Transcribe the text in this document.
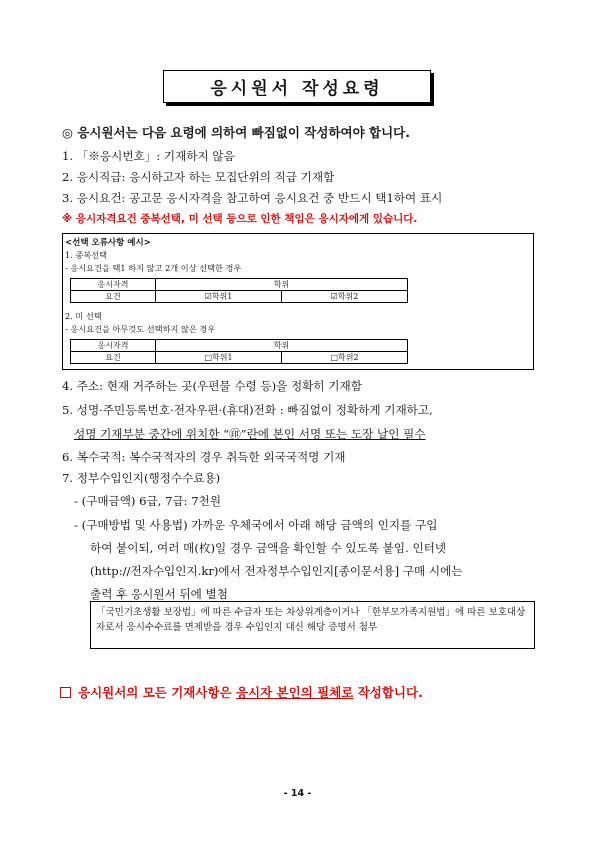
응시원서 작성요령
◎ 응시원서는 다음 요령에 의하여 빠짐없이 작성하여야 합니다.
1. 「※응시번호」: 기재하지 않음
2. 응시직급: 응시하고자 하는 모집단위의 직급 기재함
3. 응시요건: 공고문 응시자격을 참고하여 응시요건 중 반드시 택1하여 표시
※ 응시자격요건 중복선택, 미 선택 등으로 인한 책임은 응시자에게 있습니다.
<선택 오류사항 예시>
1. 중복선택
- 응시요건을 택1 하지 않고 2개 이상 선택한 경우
응시자격	학위	
요건	☑학위1	☑학위2
2. 미 선택
- 응시요건을 아무것도 선택하지 않은 경우
응시자격	학위	
요건	□학위1	□학위2
4. 주소: 현재 거주하는 곳(우편물 수령 등)을 정확히 기재함
5. 성명·주민등록번호·전자우편·(휴대)전화 : 빠짐없이 정확하게 기재하고,
성명 기재부분 중간에 위치한 “㊞”란에 본인 서명 또는 도장 날인 필수
6. 복수국적: 복수국적자의 경우 취득한 외국국적명 기재
7. 정부수입인지(행정수수료용)
- (구매금액) 6급, 7급: 7천원
- (구매방법 및 사용법) 가까운 우체국에서 아래 해당 금액의 인지를 구입
하여 붙이되, 여러 매(枚)일 경우 금액을 확인할 수 있도록 붙임. 인터넷
(http://전자수입인지.kr)에서 전자정부수입인지[종이문서용] 구매 시에는
출력 후 응시원서 뒤에 별첨
「국민기초생활 보장법」에 따른 수급자 또는 차상위계층이거나 「한부모가족지원법」에 따른 보호대상자로서 응시수수료를 면제받을 경우 수입인지 대신 해당 증명서 첨부
응시원서의 모든 기재사항은 응시자 본인의 필체로 작성합니다.
- 14 -
